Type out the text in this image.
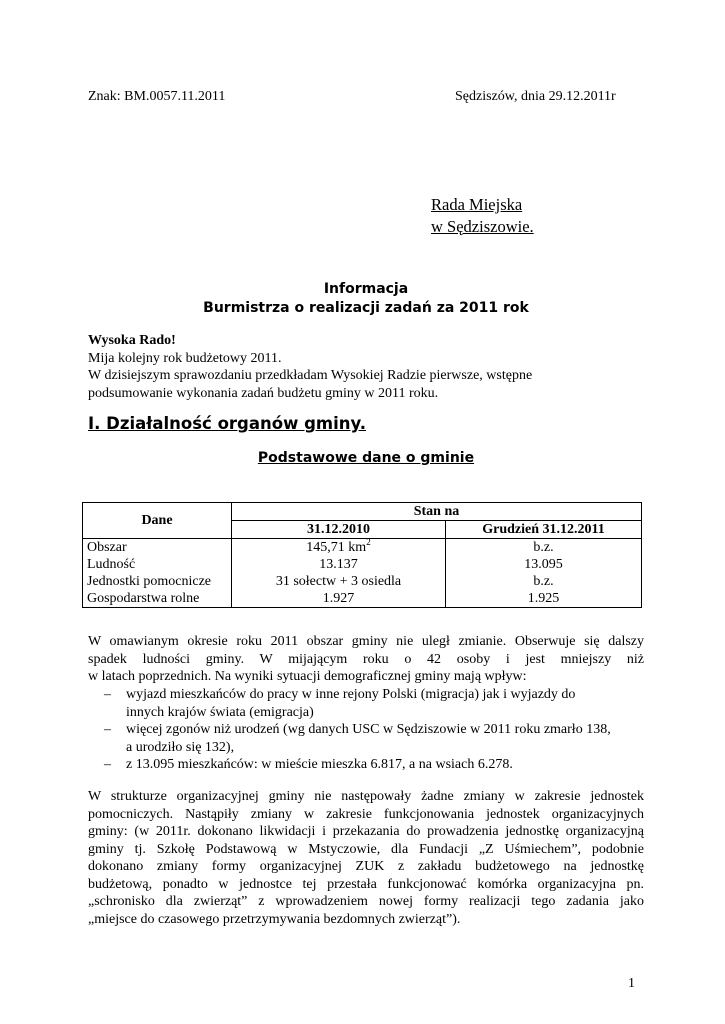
Znak: BM.0057.11.2011	Sędziszów, dnia 29.12.2011r
Rada Miejska
w Sędziszowie.
Informacja
Burmistrza o realizacji zadań za 2011 rok
Wysoka Rado!
Mija kolejny rok budżetowy 2011.
W dzisiejszym sprawozdaniu przedkładam Wysokiej Radzie pierwsze, wstępne
podsumowanie wykonania zadań budżetu gminy w 2011 roku.
I. Działalność organów gminy.
Podstawowe dane o gminie
Dane	Stan na	
	31.12.2010	Grudzień 31.12.2011
Obszar	145,71 $km^2$	b.z.
Ludność	13.137	13.095
Jednostki pomocnicze	31 sołectw + 3 osiedla	b.z.
Gospodarstwa rolne	1.927	1.925
W omawianym okresie roku 2011 obszar gminy nie uległ zmianie. Obserwuje się dalszy
spadek ludności gminy. W mijającym roku o 42 osoby i jest mniejszy niż
w latach poprzednich. Na wyniki sytuacji demograficznej gminy mają wpływ:
– wyjazd mieszkańców do pracy w inne rejony Polski (migracja) jak i wyjazdy do
innych krajów świata (emigracja)
– więcej zgonów niż urodzeń (wg danych USC w Sędziszowie w 2011 roku zmarło 138,
a urodziło się 132),
– z 13.095 mieszkańców: w mieście mieszka 6.817, a na wsiach 6.278.
W strukturze organizacyjnej gminy nie następowały żadne zmiany w zakresie jednostek
pomocniczych. Nastąpiły zmiany w zakresie funkcjonowania jednostek organizacyjnych
gminy: (w 2011r. dokonano likwidacji i przekazania do prowadzenia jednostkę organizacyjną
gminy tj. Szkołę Podstawową w Mstyczowie, dla Fundacji „Z Uśmiechem”, podobnie
dokonano zmiany formy organizacyjnej ZUK z zakładu budżetowego na jednostkę
budżetową, ponadto w jednostce tej przestała funkcjonować komórka organizacyjna pn.
„schronisko dla zwierząt” z wprowadzeniem nowej formy realizacji tego zadania jako
„miejsce do czasowego przetrzymywania bezdomnych zwierząt”).
1
